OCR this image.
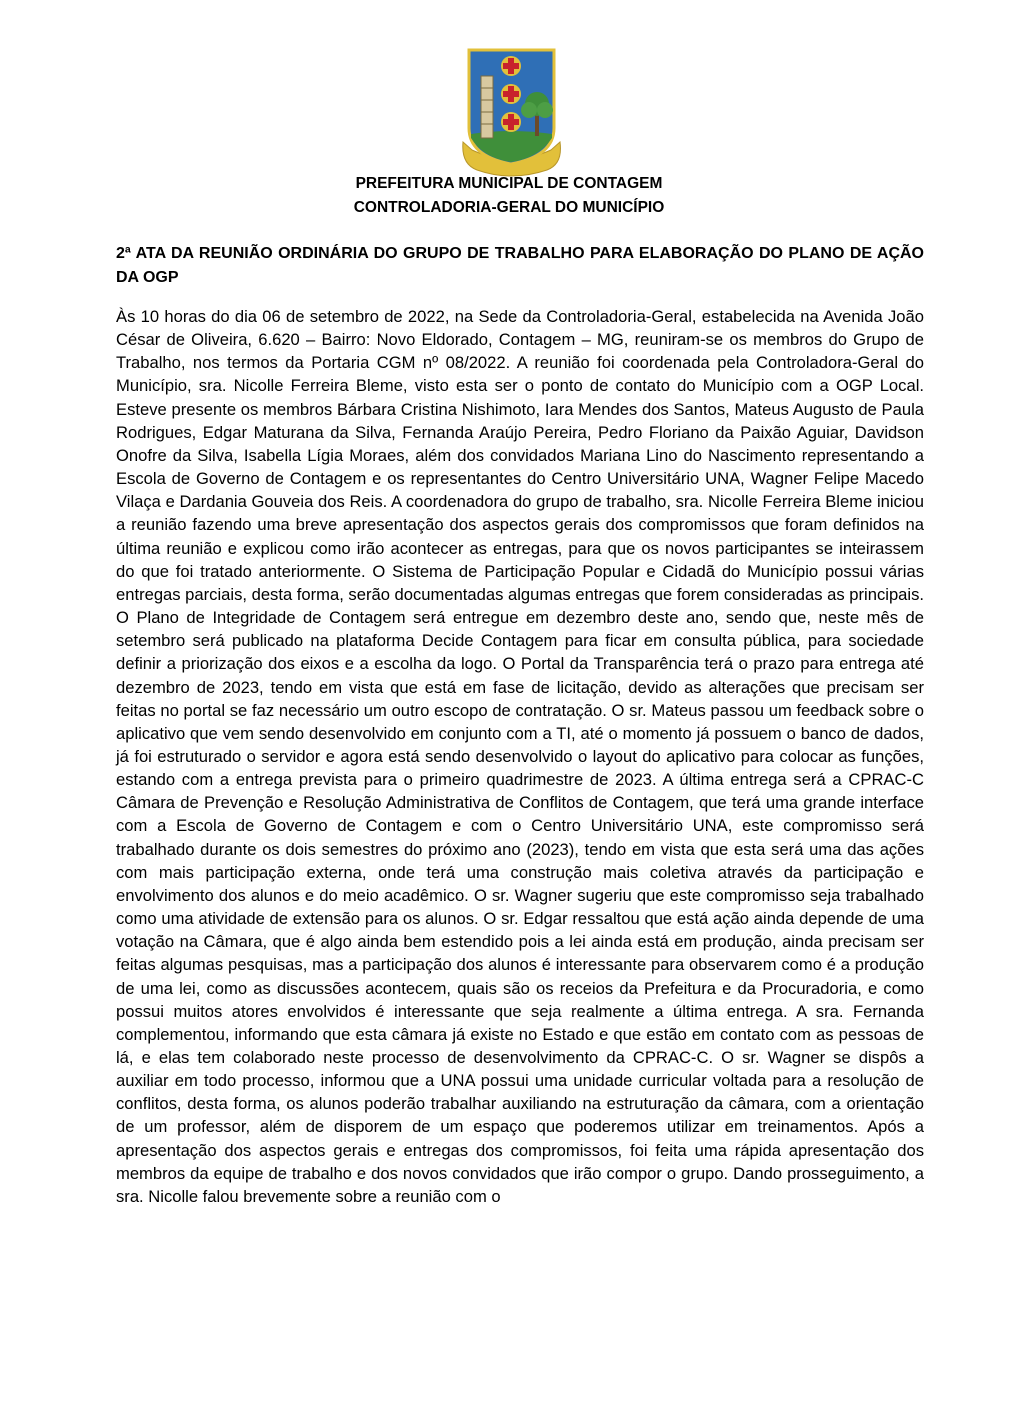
PREFEITURA MUNICIPAL DE CONTAGEM
CONTROLADORIA-GERAL DO MUNICÍPIO
2ª ATA DA REUNIÃO ORDINÁRIA DO GRUPO DE TRABALHO PARA ELABORAÇÃO DO PLANO DE AÇÃO DA OGP

Às 10 horas do dia 06 de setembro de 2022, na Sede da Controladoria-Geral, estabelecida na Avenida João César de Oliveira, 6.620 – Bairro: Novo Eldorado, Contagem – MG, reuniram-se os membros do Grupo de Trabalho, nos termos da Portaria CGM nº 08/2022. A reunião foi coordenada pela Controladora-Geral do Município, sra. Nicolle Ferreira Bleme, visto esta ser o ponto de contato do Município com a OGP Local. Esteve presente os membros Bárbara Cristina Nishimoto, Iara Mendes dos Santos, Mateus Augusto de Paula Rodrigues, Edgar Maturana da Silva, Fernanda Araújo Pereira, Pedro Floriano da Paixão Aguiar, Davidson Onofre da Silva, Isabella Lígia Moraes, além dos convidados Mariana Lino do Nascimento representando a Escola de Governo de Contagem e os representantes do Centro Universitário UNA, Wagner Felipe Macedo Vilaça e Dardania Gouveia dos Reis. A coordenadora do grupo de trabalho, sra. Nicolle Ferreira Bleme iniciou a reunião fazendo uma breve apresentação dos aspectos gerais dos compromissos que foram definidos na última reunião e explicou como irão acontecer as entregas, para que os novos participantes se inteirassem do que foi tratado anteriormente. O Sistema de Participação Popular e Cidadã do Município possui várias entregas parciais, desta forma, serão documentadas algumas entregas que forem consideradas as principais. O Plano de Integridade de Contagem será entregue em dezembro deste ano, sendo que, neste mês de setembro será publicado na plataforma Decide Contagem para ficar em consulta pública, para sociedade definir a priorização dos eixos e a escolha da logo. O Portal da Transparência terá o prazo para entrega até dezembro de 2023, tendo em vista que está em fase de licitação, devido as alterações que precisam ser feitas no portal se faz necessário um outro escopo de contratação. O sr. Mateus passou um feedback sobre o aplicativo que vem sendo desenvolvido em conjunto com a TI, até o momento já possuem o banco de dados, já foi estruturado o servidor e agora está sendo desenvolvido o layout do aplicativo para colocar as funções, estando com a entrega prevista para o primeiro quadrimestre de 2023. A última entrega será a CPRAC-C Câmara de Prevenção e Resolução Administrativa de Conflitos de Contagem, que terá uma grande interface com a Escola de Governo de Contagem e com o Centro Universitário UNA, este compromisso será trabalhado durante os dois semestres do próximo ano (2023), tendo em vista que esta será uma das ações com mais participação externa, onde terá uma construção mais coletiva através da participação e envolvimento dos alunos e do meio acadêmico. O sr. Wagner sugeriu que este compromisso seja trabalhado como uma atividade de extensão para os alunos. O sr. Edgar ressaltou que está ação ainda depende de uma votação na Câmara, que é algo ainda bem estendido pois a lei ainda está em produção, ainda precisam ser feitas algumas pesquisas, mas a participação dos alunos é interessante para observarem como é a produção de uma lei, como as discussões acontecem, quais são os receios da Prefeitura e da Procuradoria, e como possui muitos atores envolvidos é interessante que seja realmente a última entrega. A sra. Fernanda complementou, informando que esta câmara já existe no Estado e que estão em contato com as pessoas de lá, e elas tem colaborado neste processo de desenvolvimento da CPRAC-C. O sr. Wagner se dispôs a auxiliar em todo processo, informou que a UNA possui uma unidade curricular voltada para a resolução de conflitos, desta forma, os alunos poderão trabalhar auxiliando na estruturação da câmara, com a orientação de um professor, além de disporem de um espaço que poderemos utilizar em treinamentos. Após a apresentação dos aspectos gerais e entregas dos compromissos, foi feita uma rápida apresentação dos membros da equipe de trabalho e dos novos convidados que irão compor o grupo. Dando prosseguimento, a sra. Nicolle falou brevemente sobre a reunião com o
